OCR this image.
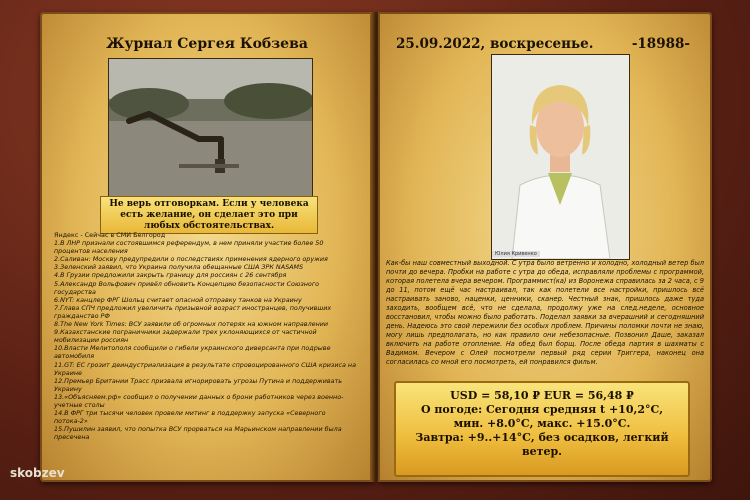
Журнал Сергея Кобзева
Не верь отговоркам. Если у человека есть желание, он сделает это при любых обстоятельствах.
Яндекс - Сейчас в СМИ Белгород
1.В ЛНР признали состоявшимся референдум, в нем приняли участие более 50 процентов населения
2.Саливан: Москву предупредили о последствиях применения ядерного оружия
3.Зеленский заявил, что Украина получила обещанные США ЗРК NASAMS
4.В Грузии предложили закрыть границу для россиян с 26 сентября
5.Александр Вольфович привёл обновить Концепцию безопасности Союзного государства
6.NYT: канцлер ФРГ Шольц считает опасной отправку танков на Украину
7.Глава СПЧ предложил увеличить призывной возраст иностранцев, получивших гражданство РФ
8.The New York Times: ВСУ заявили об огромных потерях на южном направлении
9.Казахстанские пограничники задержали трех уклоняющихся от частичной мобилизации россиян
10.Власти Мелитополя сообщили о гибели украинского диверсанта при подрыве автомобиля
11.GT: ЕС грозит деиндустриализация в результате спровоцированного США кризиса на Украине
12.Премьер Британии Трасс призвала игнорировать угрозы Путина и поддерживать Украину
13.«Объясняем.рф» сообщил о получении данных о брони работников через военно-учетные столы
14.В ФРГ три тысячи человек провели митинг в поддержку запуска «Северного потока-2»
15.Пушилин заявил, что попытка ВСУ прорваться на Марьинском направлении была пресечена
25.09.2022, воскресенье.	-18988-
Юлия Кривенко
Как-бы наш совместный выходной. С утра было ветренно и холодно, холодный ветер был почти до вечера. Пробки на работе с утра до обеда, исправляли проблемы с программой, которая полетела вчера вечером. Программист(ка) из Воронежа справилась за 2 часа, с 9 до 11, потом ещё час настраивал, так как полетели все настройки, пришлось всё настраивать заново, наценки, ценники, сканер. Честный знак, пришлось даже туда заходить, вообщем всё, что не сделала, продолжу уже на след.неделе, основное восстановил, чтобы можно было работать. Поделал заявки за вчерашний и сегодняшний день. Надеюсь это свой пережили без особых проблем. Причины поломки почти не знаю, могу лишь предполагать, но как правило они небезопасные. Позвонил Даше, заказал включить на работе отопление. На обед был борщ. После обеда партия в шахматы с Вадимом. Вечером с Олей посмотрели первый ряд серии Триггера, наконец она согласилась со мной его посмотреть, ей понравился фильм.
USD = 58,10 ₽ EUR = 56,48 ₽
О погоде: Сегодня средняя t +10,2°С,
мин. +8.0°С, макс. +15.0°С.
Завтра: +9..+14°С, без осадков, легкий ветер.
skobzev
